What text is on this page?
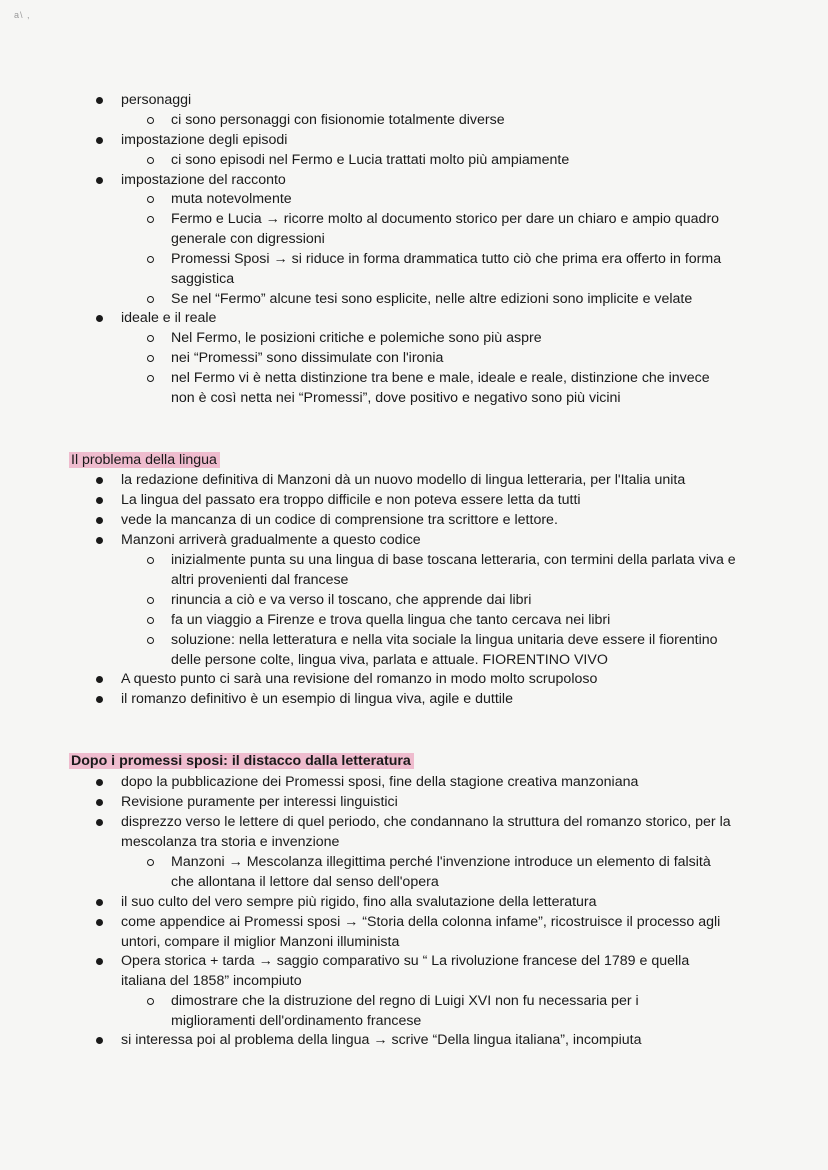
a\ ,
personaggi
ci sono personaggi con fisionomie totalmente diverse
impostazione degli episodi
ci sono episodi nel Fermo e Lucia trattati molto più ampiamente
impostazione del racconto
muta notevolmente
Fermo e Lucia → ricorre molto al documento storico per dare un chiaro e ampio quadro generale con digressioni
Promessi Sposi → si riduce in forma drammatica tutto ciò che prima era offerto in forma saggistica
Se nel “Fermo” alcune tesi sono esplicite, nelle altre edizioni sono implicite e velate
ideale e il reale
Nel Fermo, le posizioni critiche e polemiche sono più aspre
nei “Promessi” sono dissimulate con l'ironia
nel Fermo vi è netta distinzione tra bene e male, ideale e reale, distinzione che invece non è così netta nei “Promessi”, dove positivo e negativo sono più vicini
Il problema della lingua
la redazione definitiva di Manzoni dà un nuovo modello di lingua letteraria, per l'Italia unita
La lingua del passato era troppo difficile e non poteva essere letta da tutti
vede la mancanza di un codice di comprensione tra scrittore e lettore.
Manzoni arriverà gradualmente a questo codice
inizialmente punta su una lingua di base toscana letteraria, con termini della parlata viva e altri provenienti dal francese
rinuncia a ciò e va verso il toscano, che apprende dai libri
fa un viaggio a Firenze e trova quella lingua che tanto cercava nei libri
soluzione: nella letteratura e nella vita sociale la lingua unitaria deve essere il fiorentino delle persone colte, lingua viva, parlata e attuale. FIORENTINO VIVO
A questo punto ci sarà una revisione del romanzo in modo molto scrupoloso
il romanzo definitivo è un esempio di lingua viva, agile e duttile
Dopo i promessi sposi: il distacco dalla letteratura
dopo la pubblicazione dei Promessi sposi, fine della stagione creativa manzoniana
Revisione puramente per interessi linguistici
disprezzo verso le lettere di quel periodo, che condannano la struttura del romanzo storico, per la mescolanza tra storia e invenzione
Manzoni → Mescolanza illegittima perché l'invenzione introduce un elemento di falsità che allontana il lettore dal senso dell'opera
il suo culto del vero sempre più rigido, fino alla svalutazione della letteratura
come appendice ai Promessi sposi → “Storia della colonna infame”, ricostruisce il processo agli untori, compare il miglior Manzoni illuminista
Opera storica + tarda → saggio comparativo su “ La rivoluzione francese del 1789 e quella italiana del 1858” incompiuto
dimostrare che la distruzione del regno di Luigi XVI non fu necessaria per i miglioramenti dell'ordinamento francese
si interessa poi al problema della lingua → scrive “Della lingua italiana”, incompiuta
